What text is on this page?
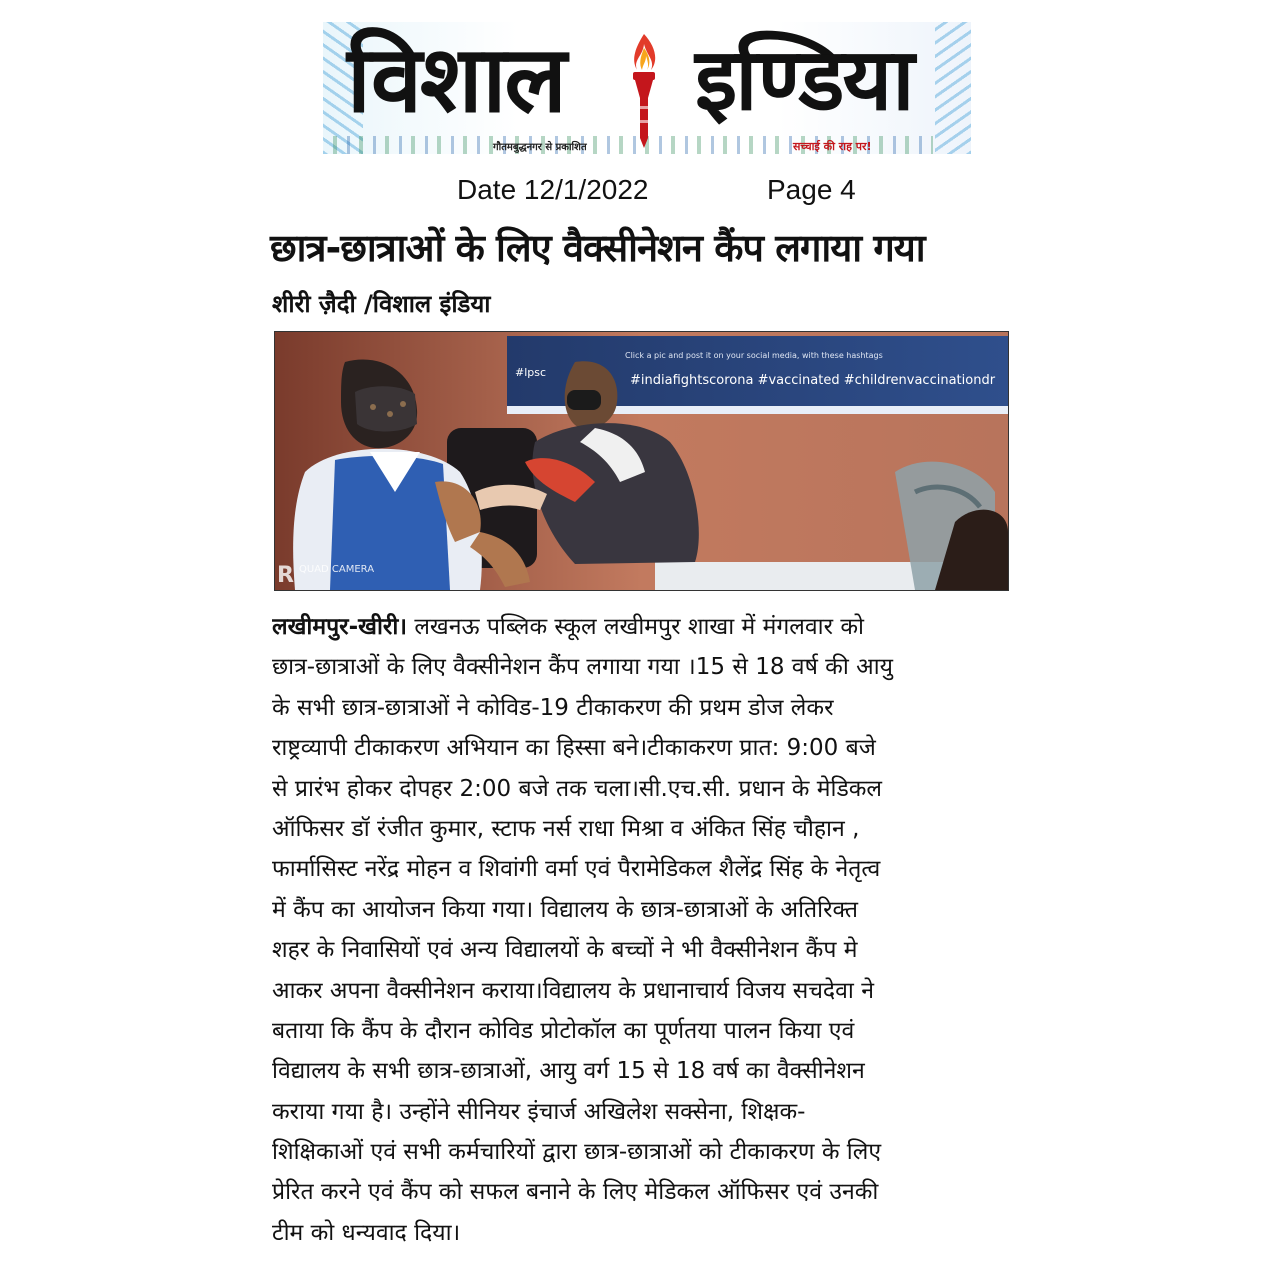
विशाल इण्डिया
गौतमबुद्धनगर से प्रकाशित	सच्चाई की राह पर!
Date 12/1/2022	Page 4
छात्र-छात्राओं के लिए वैक्सीनेशन कैंप लगाया गया
शीरी ज़ैदी /विशाल इंडिया
Click a pic and post it on your social media, with these hashtags
#lpsc
#indiafightscorona #vaccinated #childrenvaccinationdr
R QUAD CAMERA
लखीमपुर-खीरी। लखनऊ पब्लिक स्कूल लखीमपुर शाखा में मंगलवार को
छात्र-छात्राओं के लिए वैक्सीनेशन कैंप लगाया गया ।15 से 18 वर्ष की आयु
के सभी छात्र-छात्राओं ने कोविड-19 टीकाकरण की प्रथम डोज लेकर
राष्ट्रव्यापी टीकाकरण अभियान का हिस्सा बने।टीकाकरण प्रात: 9:00 बजे
से प्रारंभ होकर दोपहर 2:00 बजे तक चला।सी.एच.सी. प्रधान के मेडिकल
ऑफिसर डॉ रंजीत कुमार, स्टाफ नर्स राधा मिश्रा व अंकित सिंह चौहान ,
फार्मासिस्ट नरेंद्र मोहन व शिवांगी वर्मा एवं पैरामेडिकल शैलेंद्र सिंह के नेतृत्व
में कैंप का आयोजन किया गया। विद्यालय के छात्र-छात्राओं के अतिरिक्त
शहर के निवासियों एवं अन्य विद्यालयों के बच्चों ने भी वैक्सीनेशन कैंप मे
आकर अपना वैक्सीनेशन कराया।विद्यालय के प्रधानाचार्य विजय सचदेवा ने
बताया कि कैंप के दौरान कोविड प्रोटोकॉल का पूर्णतया पालन किया एवं
विद्यालय के सभी छात्र-छात्राओं, आयु वर्ग 15 से 18 वर्ष का वैक्सीनेशन
कराया गया है। उन्होंने सीनियर इंचार्ज अखिलेश सक्सेना, शिक्षक-
शिक्षिकाओं एवं सभी कर्मचारियों द्वारा छात्र-छात्राओं को टीकाकरण के लिए
प्रेरित करने एवं कैंप को सफल बनाने के लिए मेडिकल ऑफिसर एवं उनकी
टीम को धन्यवाद दिया।
